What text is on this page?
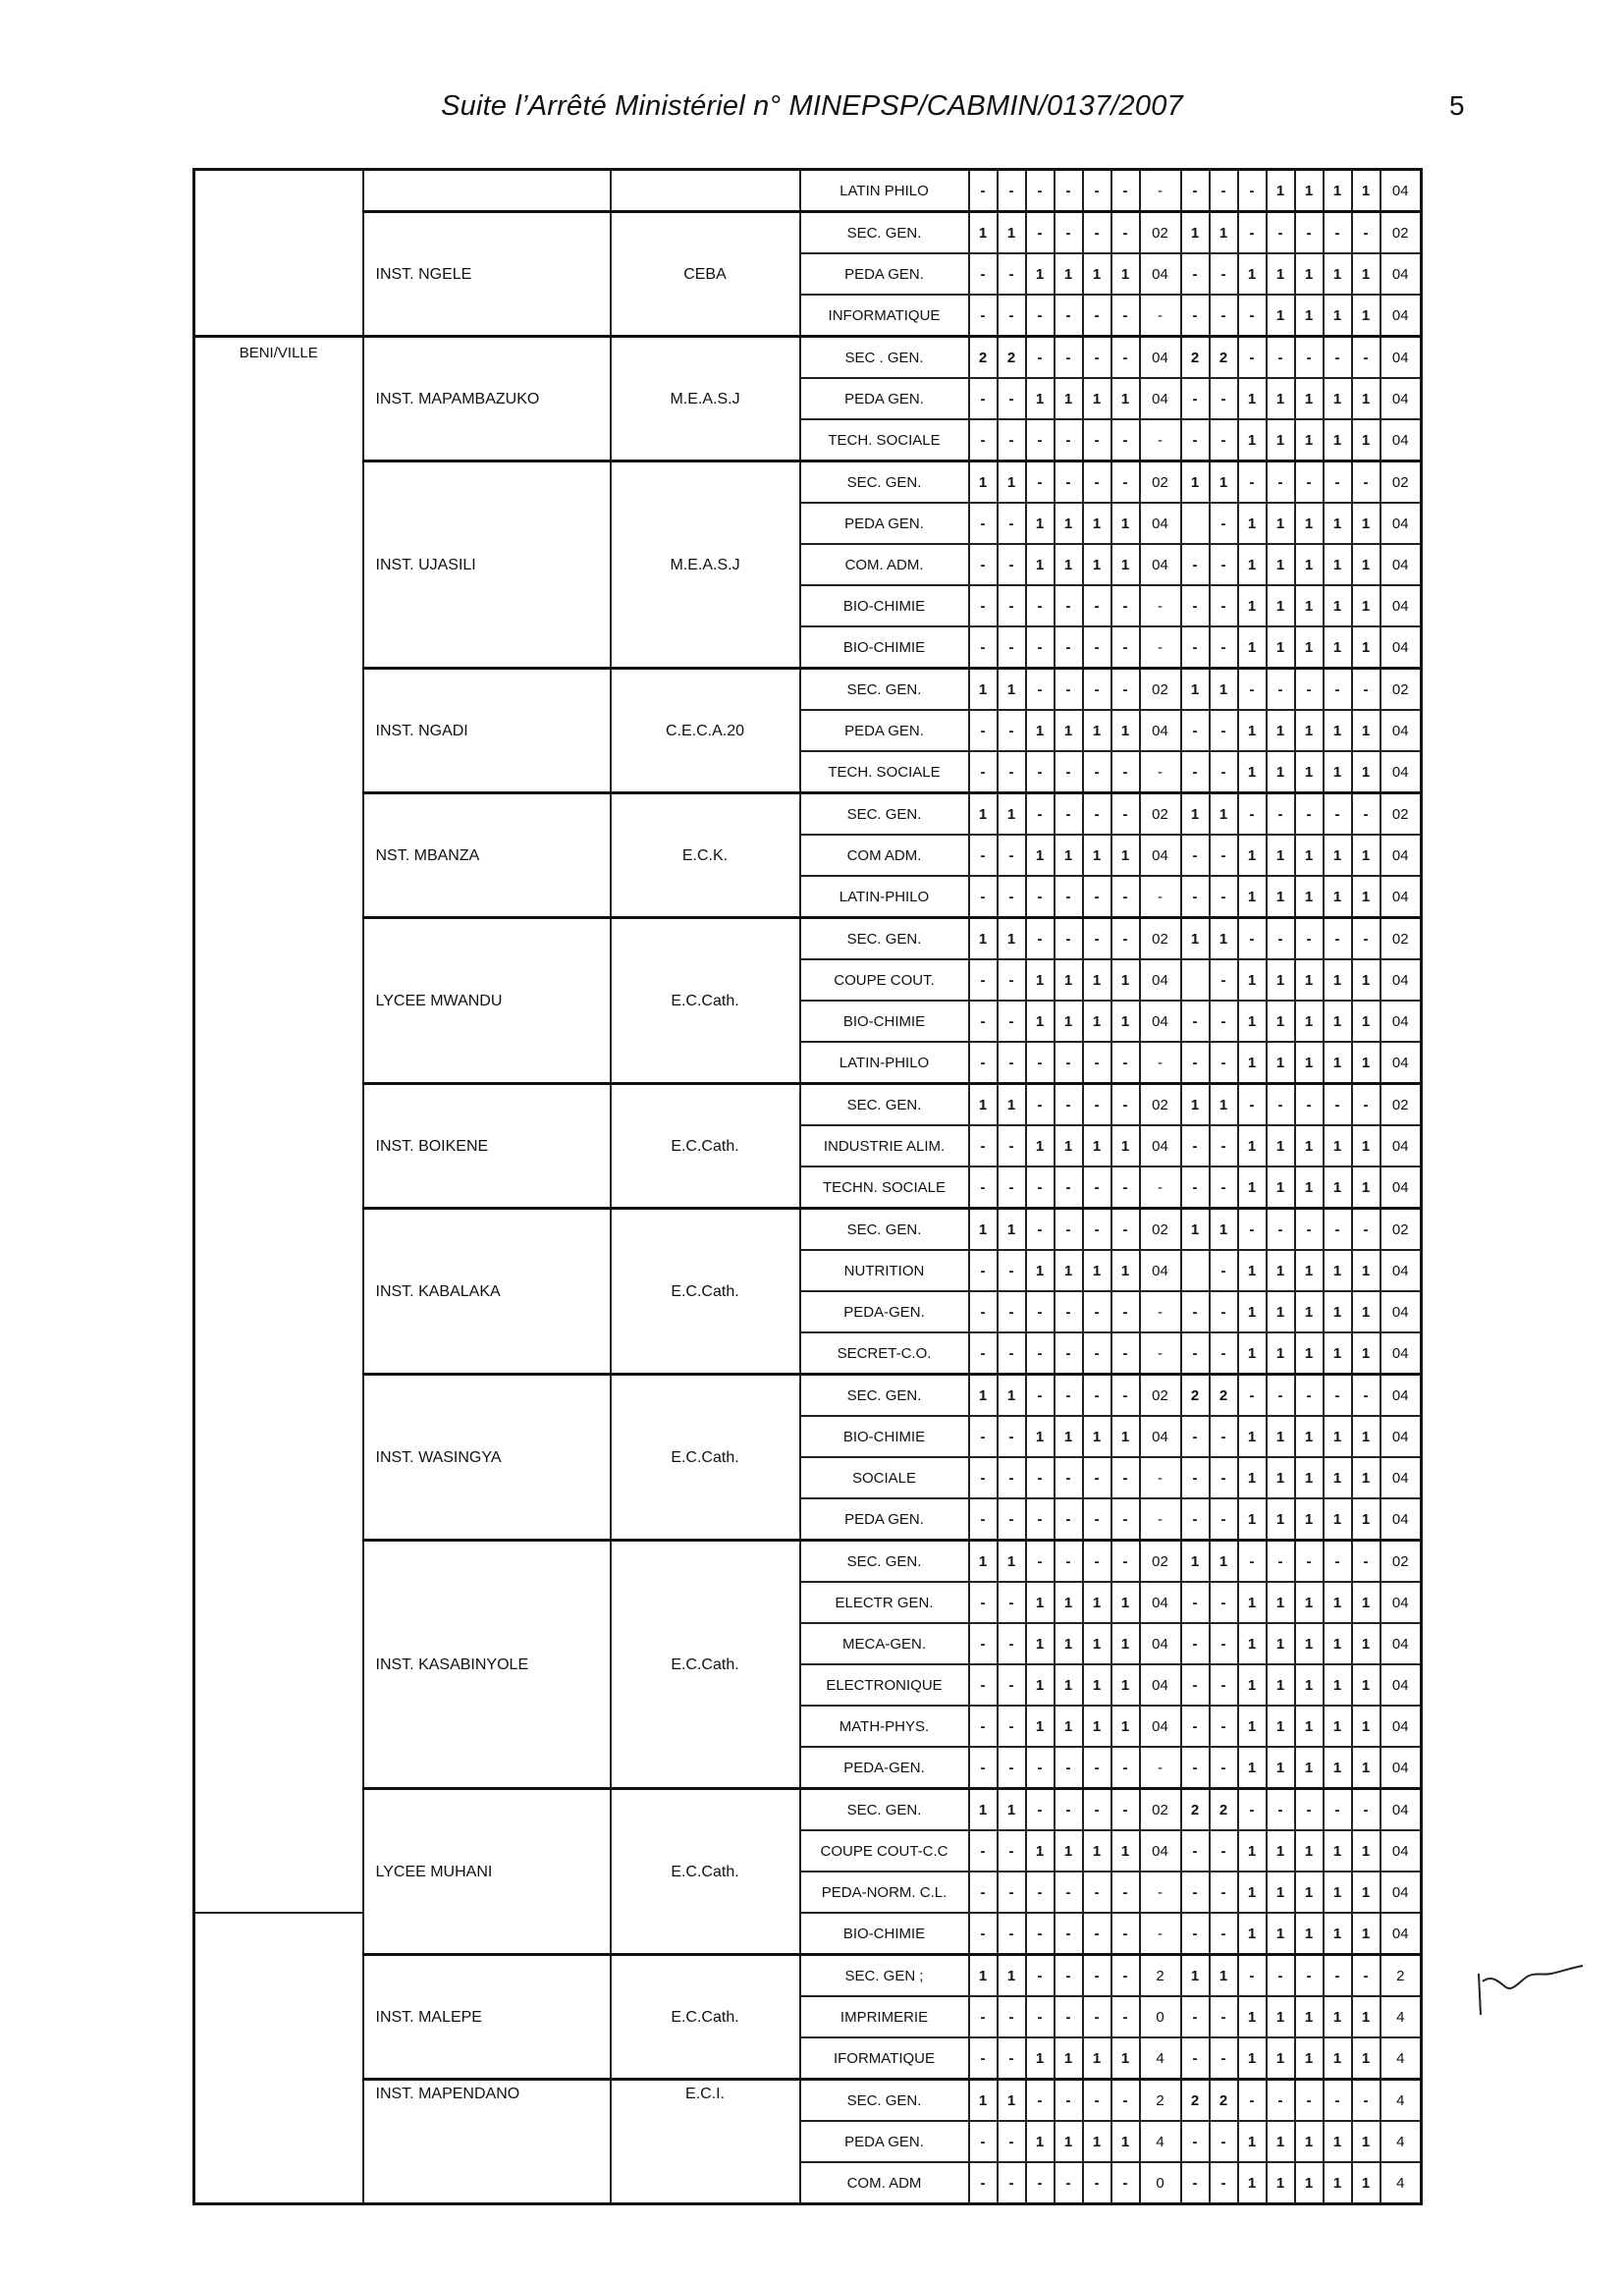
Suite l’Arrêté Ministériel n° MINEPSP/CABMIN/0137/2007	5
			LATIN PHILO	-	-	-	-	-	-	-	-	-	-	1	1	1	1	04
	INST. NGELE	CEBA	SEC. GEN.	1	1	-	-	-	-	02	1	1	-	-	-	-	-	02
			PEDA GEN.	-	-	1	1	1	1	04	-	-	1	1	1	1	1	04
			INFORMATIQUE	-	-	-	-	-	-	-	-	-	-	1	1	1	1	04
BENI/VILLE	INST. MAPAMBAZUKO	M.E.A.S.J	SEC . GEN.	2	2	-	-	-	-	04	2	2	-	-	-	-	-	04
			PEDA GEN.	-	-	1	1	1	1	04	-	-	1	1	1	1	1	04
			TECH. SOCIALE	-	-	-	-	-	-	-	-	-	1	1	1	1	1	04
	INST. UJASILI	M.E.A.S.J	SEC. GEN.	1	1	-	-	-	-	02	1	1	-	-	-	-	-	02
			PEDA GEN.	-	-	1	1	1	1	04		-	1	1	1	1	1	04
			COM. ADM.	-	-	1	1	1	1	04	-	-	1	1	1	1	1	04
			BIO-CHIMIE	-	-	-	-	-	-	-	-	-	1	1	1	1	1	04
			BIO-CHIMIE	-	-	-	-	-	-	-	-	-	1	1	1	1	1	04
	INST. NGADI	C.E.C.A.20	SEC. GEN.	1	1	-	-	-	-	02	1	1	-	-	-	-	-	02
			PEDA GEN.	-	-	1	1	1	1	04	-	-	1	1	1	1	1	04
			TECH. SOCIALE	-	-	-	-	-	-	-	-	-	1	1	1	1	1	04
	NST. MBANZA	E.C.K.	SEC. GEN.	1	1	-	-	-	-	02	1	1	-	-	-	-	-	02
			COM ADM.	-	-	1	1	1	1	04	-	-	1	1	1	1	1	04
			LATIN-PHILO	-	-	-	-	-	-	-	-	-	1	1	1	1	1	04
	LYCEE MWANDU	E.C.Cath.	SEC. GEN.	1	1	-	-	-	-	02	1	1	-	-	-	-	-	02
			COUPE COUT.	-	-	1	1	1	1	04		-	1	1	1	1	1	04
			BIO-CHIMIE	-	-	1	1	1	1	04	-	-	1	1	1	1	1	04
			LATIN-PHILO	-	-	-	-	-	-	-	-	-	1	1	1	1	1	04
	INST. BOIKENE	E.C.Cath.	SEC. GEN.	1	1	-	-	-	-	02	1	1	-	-	-	-	-	02
			INDUSTRIE ALIM.	-	-	1	1	1	1	04	-	-	1	1	1	1	1	04
			TECHN. SOCIALE	-	-	-	-	-	-	-	-	-	1	1	1	1	1	04
	INST. KABALAKA	E.C.Cath.	SEC. GEN.	1	1	-	-	-	-	02	1	1	-	-	-	-	-	02
			NUTRITION	-	-	1	1	1	1	04		-	1	1	1	1	1	04
			PEDA-GEN.	-	-	-	-	-	-	-	-	-	1	1	1	1	1	04
			SECRET-C.O.	-	-	-	-	-	-	-	-	-	1	1	1	1	1	04
	INST. WASINGYA	E.C.Cath.	SEC. GEN.	1	1	-	-	-	-	02	2	2	-	-	-	-	-	04
			BIO-CHIMIE	-	-	1	1	1	1	04	-	-	1	1	1	1	1	04
			SOCIALE	-	-	-	-	-	-	-	-	-	1	1	1	1	1	04
			PEDA GEN.	-	-	-	-	-	-	-	-	-	1	1	1	1	1	04
	INST. KASABINYOLE	E.C.Cath.	SEC. GEN.	1	1	-	-	-	-	02	1	1	-	-	-	-	-	02
			ELECTR GEN.	-	-	1	1	1	1	04	-	-	1	1	1	1	1	04
			MECA-GEN.	-	-	1	1	1	1	04	-	-	1	1	1	1	1	04
			ELECTRONIQUE	-	-	1	1	1	1	04	-	-	1	1	1	1	1	04
			MATH-PHYS.	-	-	1	1	1	1	04	-	-	1	1	1	1	1	04
			PEDA-GEN.	-	-	-	-	-	-	-	-	-	1	1	1	1	1	04
	LYCEE MUHANI	E.C.Cath.	SEC. GEN.	1	1	-	-	-	-	02	2	2	-	-	-	-	-	04
			COUPE COUT-C.C	-	-	1	1	1	1	04	-	-	1	1	1	1	1	04
			PEDA-NORM. C.L.	-	-	-	-	-	-	-	-	-	1	1	1	1	1	04
			BIO-CHIMIE	-	-	-	-	-	-	-	-	-	1	1	1	1	1	04
	INST. MALEPE	E.C.Cath.	SEC. GEN ;	1	1	-	-	-	-	2	1	1	-	-	-	-	-	2
			IMPRIMERIE	-	-	-	-	-	-	0	-	-	1	1	1	1	1	4
			IFORMATIQUE	-	-	1	1	1	1	4	-	-	1	1	1	1	1	4
	INST. MAPENDANO	E.C.I.	SEC. GEN.	1	1	-	-	-	-	2	2	2	-	-	-	-	-	4
			PEDA GEN.	-	-	1	1	1	1	4	-	-	1	1	1	1	1	4
			COM. ADM	-	-	-	-	-	-	0	-	-	1	1	1	1	1	4
